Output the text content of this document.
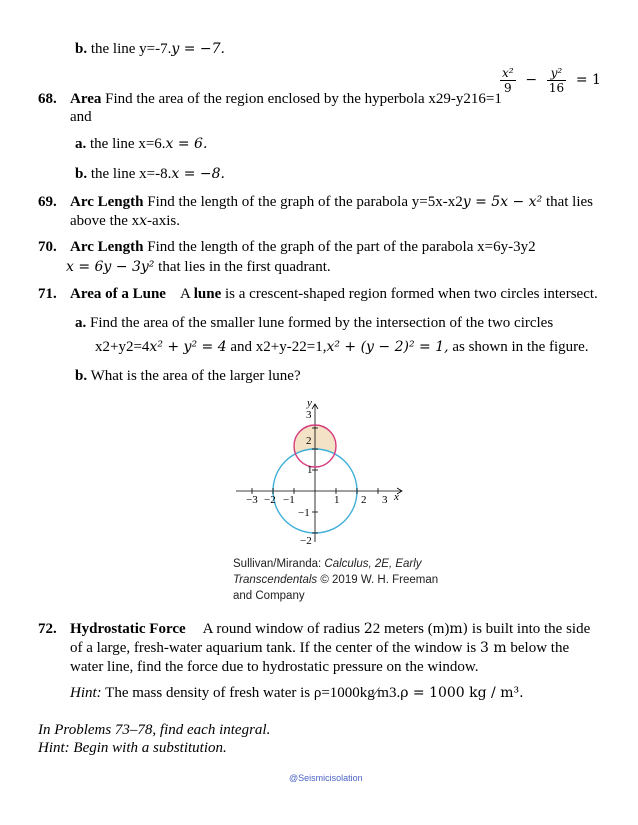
b. the line y=-7.y = −7.
68. Area Find the area of the region enclosed by the hyperbola x29-y216=1
$\frac{\text{x²}}{9} - \frac{\text{y²}}{16} = 1$
and
a. the line x=6.x = 6.
b. the line x=-8.x = −8.
69. Arc Length Find the length of the graph of the parabola y=5x-x2y = 5x − x² that lies
above the xx-axis.
70. Arc Length Find the length of the graph of the part of the parabola x=6y-3y2
x = 6y − 3y² that lies in the first quadrant.
71. Area of a Lune A lune is a crescent-shaped region formed when two circles intersect.
a. Find the area of the smaller lune formed by the intersection of the two circles
x2+y2=4x² + y² = 4 and x2+y-22=1,x² + (y − 2)² = 1, as shown in the figure.
b. What is the area of the larger lune?
−3 −2 −1	1 2 3 x
y
1
2
3
−1
−2
Sullivan/Miranda: Calculus, 2E, Early
Transcendentals © 2019 W. H. Freeman
and Company
72. Hydrostatic Force A round window of radius 22 meters (m)m) is built into the side
of a large, fresh-water aquarium tank. If the center of the window is 3 m below the
water line, find the force due to hydrostatic pressure on the window.
Hint: The mass density of fresh water is ρ=1000kg⁄m3.ρ = 1000 kg / m³.
In Problems 73–78, find each integral.
Hint: Begin with a substitution.
@Seismicisolation
